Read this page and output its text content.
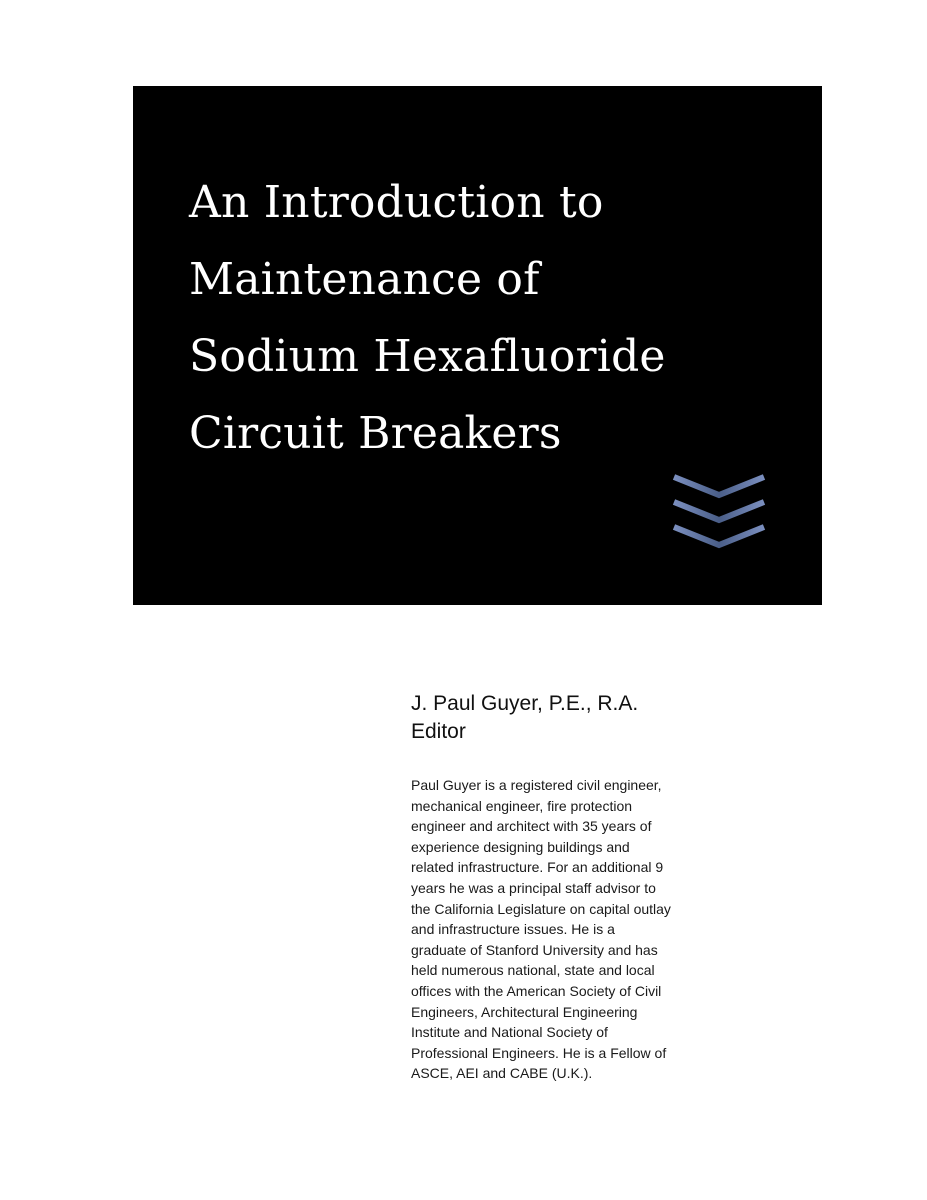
An Introduction to
Maintenance of
Sodium Hexafluoride
Circuit Breakers
J. Paul Guyer, P.E., R.A.
Editor
Paul Guyer is a registered civil engineer,
mechanical engineer, fire protection
engineer and architect with 35 years of
experience designing buildings and
related infrastructure. For an additional 9
years he was a principal staff advisor to
the California Legislature on capital outlay
and infrastructure issues. He is a
graduate of Stanford University and has
held numerous national, state and local
offices with the American Society of Civil
Engineers, Architectural Engineering
Institute and National Society of
Professional Engineers. He is a Fellow of
ASCE, AEI and CABE (U.K.).
